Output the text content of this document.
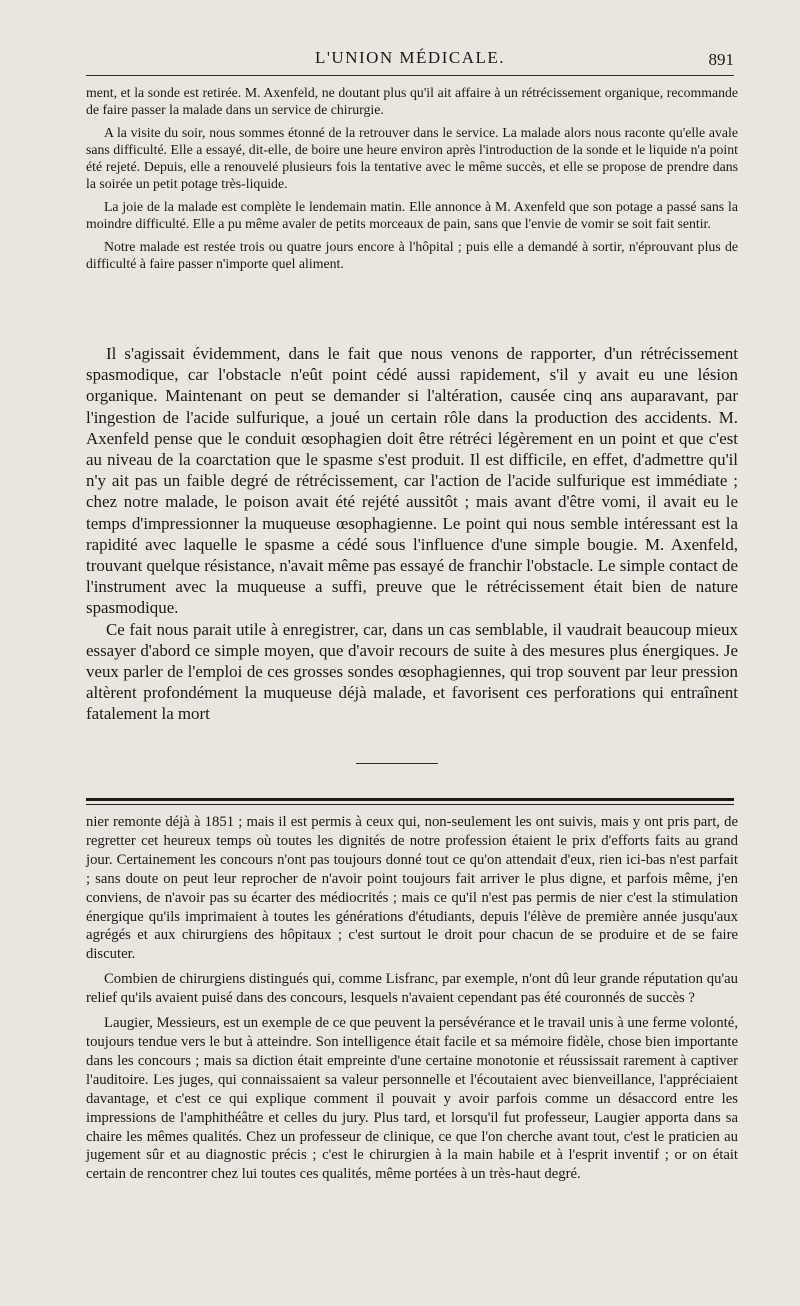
L'UNION MÉDICALE.	891

ment, et la sonde est retirée. M. Axenfeld, ne doutant plus qu'il ait affaire à un rétrécissement organique, recommande de faire passer la malade dans un service de chirurgie.

A la visite du soir, nous sommes étonné de la retrouver dans le service. La malade alors nous raconte qu'elle avale sans difficulté. Elle a essayé, dit-elle, de boire une heure environ après l'introduction de la sonde et le liquide n'a point été rejeté. Depuis, elle a renouvelé plusieurs fois la tentative avec le même succès, et elle se propose de prendre dans la soirée un petit potage très-liquide.

La joie de la malade est complète le lendemain matin. Elle annonce à M. Axenfeld que son potage a passé sans la moindre difficulté. Elle a pu même avaler de petits morceaux de pain, sans que l'envie de vomir se soit fait sentir.

Notre malade est restée trois ou quatre jours encore à l'hôpital ; puis elle a demandé à sortir, n'éprouvant plus de difficulté à faire passer n'importe quel aliment.

Il s'agissait évidemment, dans le fait que nous venons de rapporter, d'un rétrécissement spasmodique, car l'obstacle n'eût point cédé aussi rapidement, s'il y avait eu une lésion organique. Maintenant on peut se demander si l'altération, causée cinq ans auparavant, par l'ingestion de l'acide sulfurique, a joué un certain rôle dans la production des accidents. M. Axenfeld pense que le conduit œsophagien doit être rétréci légèrement en un point et que c'est au niveau de la coarctation que le spasme s'est produit. Il est difficile, en effet, d'admettre qu'il n'y ait pas un faible degré de rétrécissement, car l'action de l'acide sulfurique est immédiate ; chez notre malade, le poison avait été rejété aussitôt ; mais avant d'être vomi, il avait eu le temps d'impressionner la muqueuse œsophagienne. Le point qui nous semble intéressant est la rapidité avec laquelle le spasme a cédé sous l'influence d'une simple bougie. M. Axenfeld, trouvant quelque résistance, n'avait même pas essayé de franchir l'obstacle. Le simple contact de l'instrument avec la muqueuse a suffi, preuve que le rétrécissement était bien de nature spasmodique.

Ce fait nous parait utile à enregistrer, car, dans un cas semblable, il vaudrait beaucoup mieux essayer d'abord ce simple moyen, que d'avoir recours de suite à des mesures plus énergiques. Je veux parler de l'emploi de ces grosses sondes œsophagiennes, qui trop souvent par leur pression altèrent profondément la muqueuse déjà malade, et favorisent ces perforations qui entraînent fatalement la mort

nier remonte déjà à 1851 ; mais il est permis à ceux qui, non-seulement les ont suivis, mais y ont pris part, de regretter cet heureux temps où toutes les dignités de notre profession étaient le prix d'efforts faits au grand jour. Certainement les concours n'ont pas toujours donné tout ce qu'on attendait d'eux, rien ici-bas n'est parfait ; sans doute on peut leur reprocher de n'avoir point toujours fait arriver le plus digne, et parfois même, j'en conviens, de n'avoir pas su écarter des médiocrités ; mais ce qu'il n'est pas permis de nier c'est la stimulation énergique qu'ils imprimaient à toutes les générations d'étudiants, depuis l'élève de première année jusqu'aux agrégés et aux chirurgiens des hôpitaux ; c'est surtout le droit pour chacun de se produire et de se faire discuter.

Combien de chirurgiens distingués qui, comme Lisfranc, par exemple, n'ont dû leur grande réputation qu'au relief qu'ils avaient puisé dans des concours, lesquels n'avaient cependant pas été couronnés de succès ?

Laugier, Messieurs, est un exemple de ce que peuvent la persévérance et le travail unis à une ferme volonté, toujours tendue vers le but à atteindre. Son intelligence était facile et sa mémoire fidèle, chose bien importante dans les concours ; mais sa diction était empreinte d'une certaine monotonie et réussissait rarement à captiver l'auditoire. Les juges, qui connaissaient sa valeur personnelle et l'écoutaient avec bienveillance, l'appréciaient davantage, et c'est ce qui explique comment il pouvait y avoir parfois comme un désaccord entre les impressions de l'amphithéâtre et celles du jury. Plus tard, et lorsqu'il fut professeur, Laugier apporta dans sa chaire les mêmes qualités. Chez un professeur de clinique, ce que l'on cherche avant tout, c'est le praticien au jugement sûr et au diagnostic précis ; c'est le chirurgien à la main habile et à l'esprit inventif ; or on était certain de rencontrer chez lui toutes ces qualités, même portées à un très-haut degré.
